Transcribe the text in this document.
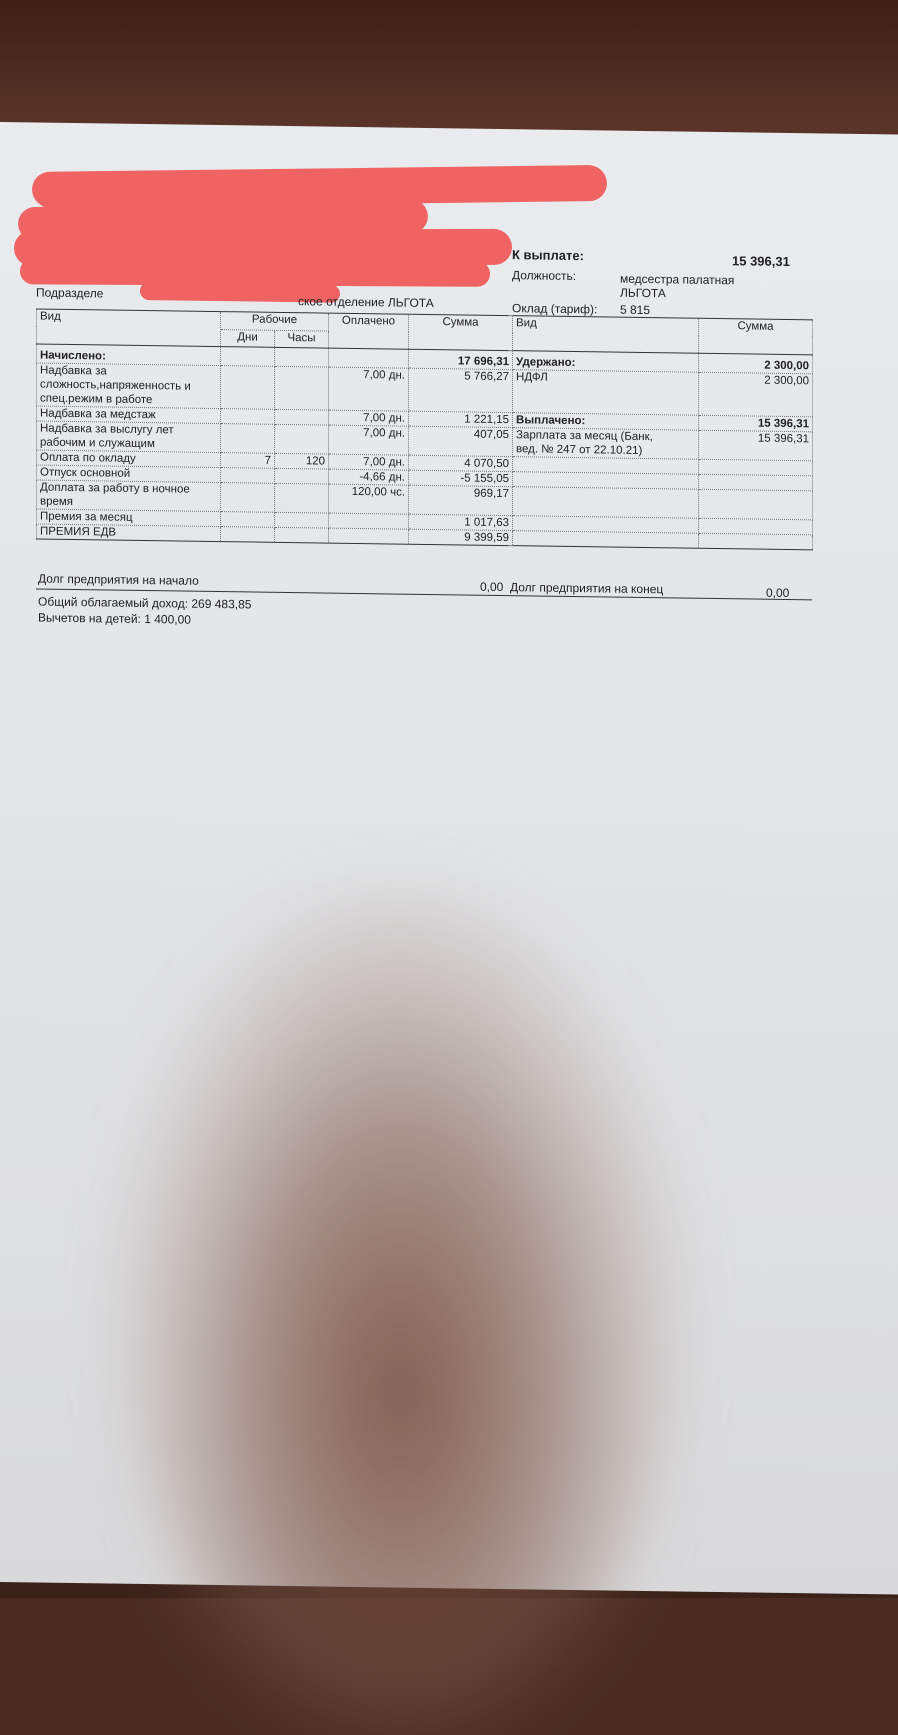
К выплате:	15 396,31
Должность:	медсестра палатная
ЛЬГОТА
Подразделе
ское отделение ЛЬГОТА	Оклад (тариф): 5 815
Вид	Рабочие		Оплачено	Сумма	Вид	Сумма
	Дни	Часы				
Начислено:				17 696,31	Удержано:	2 300,00
Надбавка за сложность,напряженность и спец.режим в работе			7,00 дн.	5 766,27	НДФЛ	2 300,00
Надбавка за медстаж			7,00 дн.	1 221,15	Выплачено:	15 396,31
Надбавка за выслугу лет рабочим и служащим			7,00 дн.	407,05	Зарплата за месяц (Банк,
вед. № 247 от 22.10.21)	15 396,31
Оплата по окладу	7	120	7,00 дн.	4 070,50		
Отпуск основной			-4,66 дн.	-5 155,05		
Доплата за работу в ночное время			120,00 чс.	969,17		
Премия за месяц				1 017,63		
ПРЕМИЯ ЕДВ				9 399,59		
Долг предприятия на начало	0,00 Долг предприятия на конец	0,00
Общий облагаемый доход: 269 483,85
Вычетов на детей: 1 400,00
